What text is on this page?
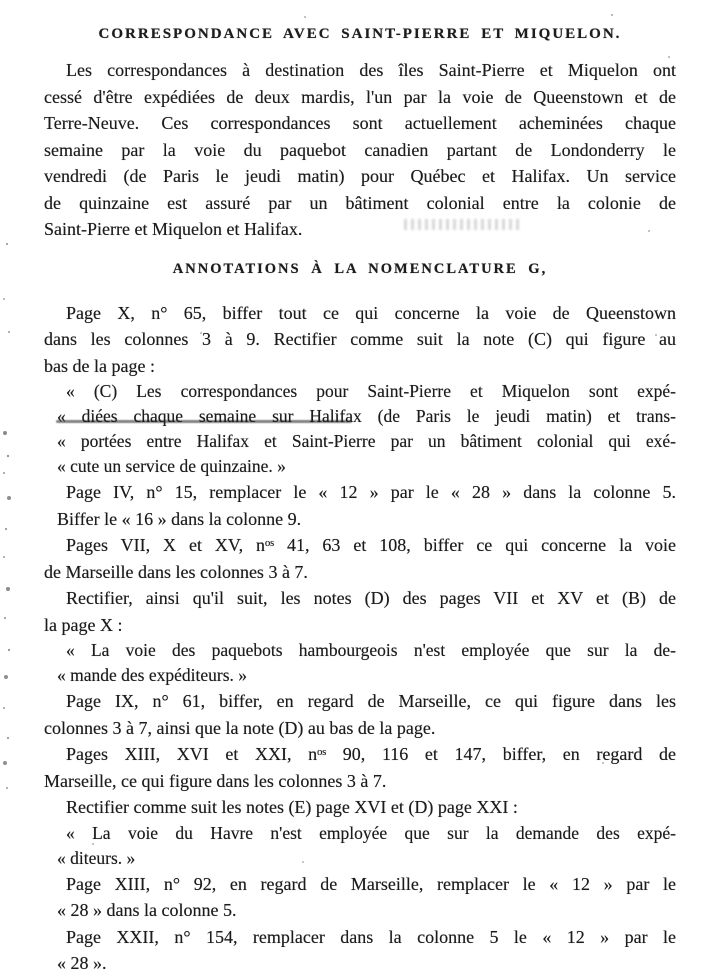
CORRESPONDANCE AVEC SAINT-PIERRE ET MIQUELON.
Les correspondances à destination des îles Saint-Pierre et Miquelon ont
cessé d'être expédiées de deux mardis, l'un par la voie de Queenstown et de
Terre-Neuve. Ces correspondances sont actuellement acheminées chaque
semaine par la voie du paquebot canadien partant de Londonderry le
vendredi (de Paris le jeudi matin) pour Québec et Halifax. Un service
de quinzaine est assuré par un bâtiment colonial entre la colonie de
Saint-Pierre et Miquelon et Halifax.
ANNOTATIONS À LA NOMENCLATURE G,
Page X, n° 65, biffer tout ce qui concerne la voie de Queenstown
dans les colonnes 3 à 9. Rectifier comme suit la note (C) qui figure au
bas de la page :
« (C) Les correspondances pour Saint-Pierre et Miquelon sont expé-
« diées chaque semaine sur Halifax (de Paris le jeudi matin) et trans-
« portées entre Halifax et Saint-Pierre par un bâtiment colonial qui exé-
« cute un service de quinzaine. »
Page IV, n° 15, remplacer le « 12 » par le « 28 » dans la colonne 5.
Biffer le « 16 » dans la colonne 9.
Pages VII, X et XV, nᵒˢ 41, 63 et 108, biffer ce qui concerne la voie
de Marseille dans les colonnes 3 à 7.
Rectifier, ainsi qu'il suit, les notes (D) des pages VII et XV et (B) de
la page X :
« La voie des paquebots hambourgeois n'est employée que sur la de-
« mande des expéditeurs. »
Page IX, n° 61, biffer, en regard de Marseille, ce qui figure dans les
colonnes 3 à 7, ainsi que la note (D) au bas de la page.
Pages XIII, XVI et XXI, nᵒˢ 90, 116 et 147, biffer, en regard de
Marseille, ce qui figure dans les colonnes 3 à 7.
Rectifier comme suit les notes (E) page XVI et (D) page XXI :
« La voie du Havre n'est employée que sur la demande des expé-
« diteurs. »
Page XIII, n° 92, en regard de Marseille, remplacer le « 12 » par le
« 28 » dans la colonne 5.
Page XXII, n° 154, remplacer dans la colonne 5 le « 12 » par le
« 28 ».
